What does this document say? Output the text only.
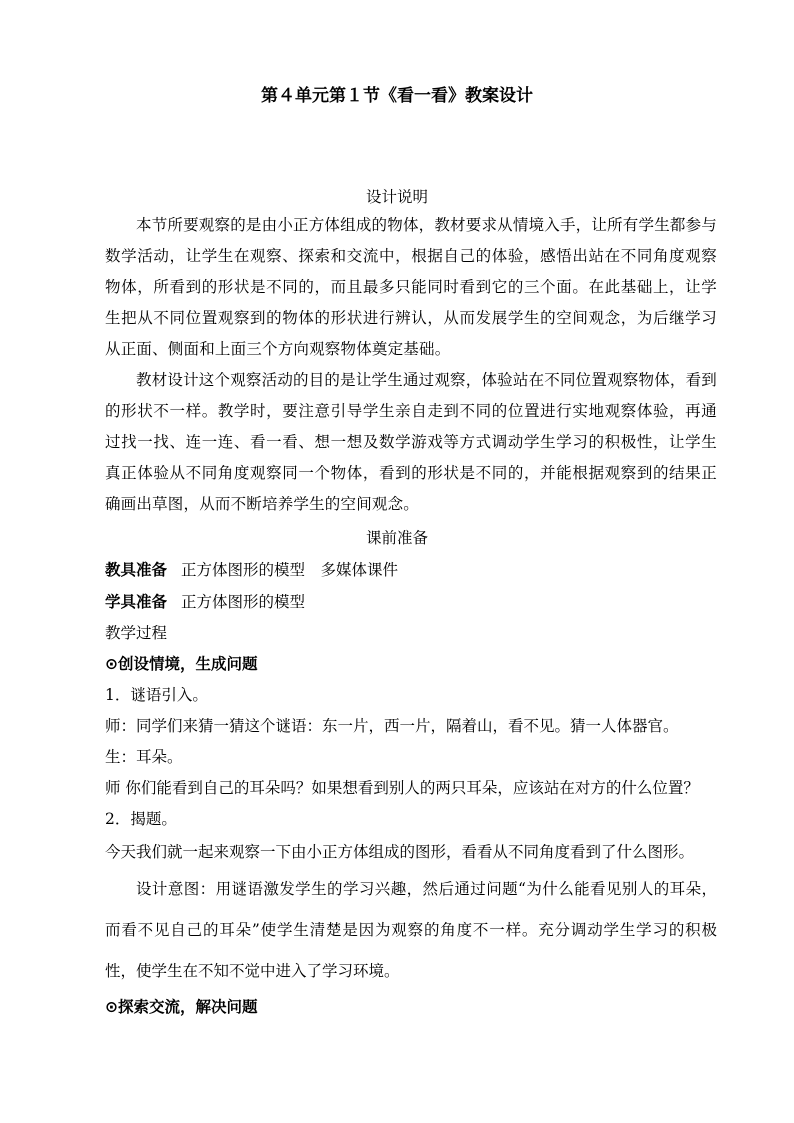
第４单元第１节《看一看》教案设计
设计说明

本节所要观察的是由小正方体组成的物体，教材要求从情境入手，让所有学生都参与数学活动，让学生在观察、探索和交流中，根据自己的体验，感悟出站在不同角度观察物体，所看到的形状是不同的，而且最多只能同时看到它的三个面。在此基础上，让学生把从不同位置观察到的物体的形状进行辨认，从而发展学生的空间观念，为后继学习从正面、侧面和上面三个方向观察物体奠定基础。

教材设计这个观察活动的目的是让学生通过观察，体验站在不同位置观察物体，看到的形状不一样。教学时，要注意引导学生亲自走到不同的位置进行实地观察体验，再通过找一找、连一连、看一看、想一想及数学游戏等方式调动学生学习的积极性，让学生真正体验从不同角度观察同一个物体，看到的形状是不同的，并能根据观察到的结果正确画出草图，从而不断培养学生的空间观念。

课前准备
教具准备 正方体图形的模型　多媒体课件
学具准备 正方体图形的模型
教学过程
⊙创设情境，生成问题
1．谜语引入。
师：同学们来猜一猜这个谜语：东一片，西一片，隔着山，看不见。猜一人体器官。
生：耳朵。
师 你们能看到自己的耳朵吗？如果想看到别人的两只耳朵，应该站在对方的什么位置？
2．揭题。
今天我们就一起来观察一下由小正方体组成的图形，看看从不同角度看到了什么图形。

设计意图：用谜语激发学生的学习兴趣，然后通过问题“为什么能看见别人的耳朵，而看不见自己的耳朵”使学生清楚是因为观察的角度不一样。充分调动学生学习的积极性，使学生在不知不觉中进入了学习环境。

⊙探索交流，解决问题
